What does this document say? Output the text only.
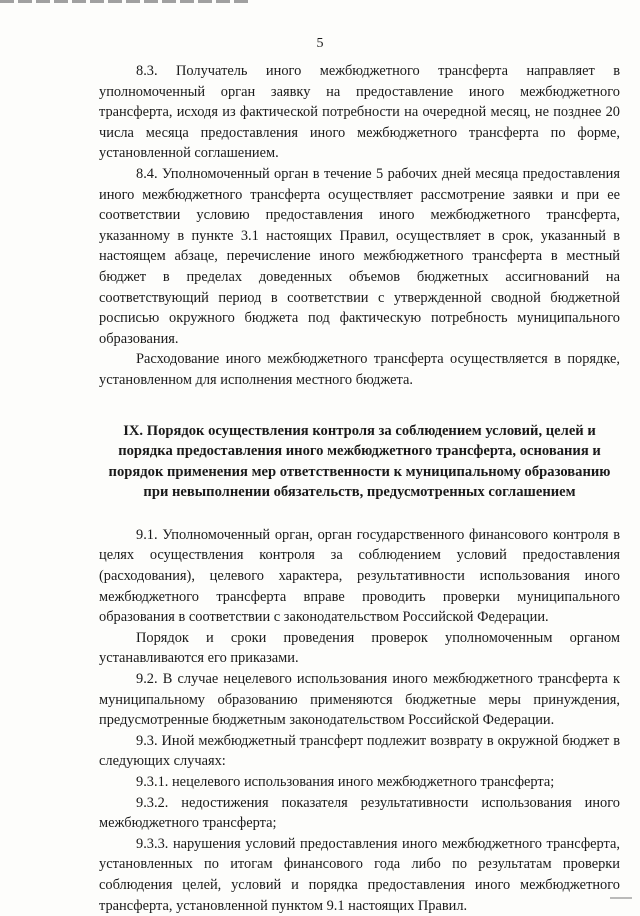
5

8.3. Получатель иного межбюджетного трансферта направляет в уполномоченный орган заявку на предоставление иного межбюджетного трансферта, исходя из фактической потребности на очередной месяц, не позднее 20 числа месяца предоставления иного межбюджетного трансферта по форме, установленной соглашением.

8.4. Уполномоченный орган в течение 5 рабочих дней месяца предоставления иного межбюджетного трансферта осуществляет рассмотрение заявки и при ее соответствии условию предоставления иного межбюджетного трансферта, указанному в пункте 3.1 настоящих Правил, осуществляет в срок, указанный в настоящем абзаце, перечисление иного межбюджетного трансферта в местный бюджет в пределах доведенных объемов бюджетных ассигнований на соответствующий период в соответствии с утвержденной сводной бюджетной росписью окружного бюджета под фактическую потребность муниципального образования.

Расходование иного межбюджетного трансферта осуществляется в порядке, установленном для исполнения местного бюджета.

IX. Порядок осуществления контроля за соблюдением условий, целей и порядка предоставления иного межбюджетного трансферта, основания и порядок применения мер ответственности к муниципальному образованию при невыполнении обязательств, предусмотренных соглашением

9.1. Уполномоченный орган, орган государственного финансового контроля в целях осуществления контроля за соблюдением условий предоставления (расходования), целевого характера, результативности использования иного межбюджетного трансферта вправе проводить проверки муниципального образования в соответствии с законодательством Российской Федерации.

Порядок и сроки проведения проверок уполномоченным органом устанавливаются его приказами.

9.2. В случае нецелевого использования иного межбюджетного трансферта к муниципальному образованию применяются бюджетные меры принуждения, предусмотренные бюджетным законодательством Российской Федерации.

9.3. Иной межбюджетный трансферт подлежит возврату в окружной бюджет в следующих случаях:

9.3.1. нецелевого использования иного межбюджетного трансферта;

9.3.2. недостижения показателя результативности использования иного межбюджетного трансферта;

9.3.3. нарушения условий предоставления иного межбюджетного трансферта, установленных по итогам финансового года либо по результатам проверки соблюдения целей, условий и порядка предоставления иного межбюджетного трансферта, установленной пунктом 9.1 настоящих Правил.
